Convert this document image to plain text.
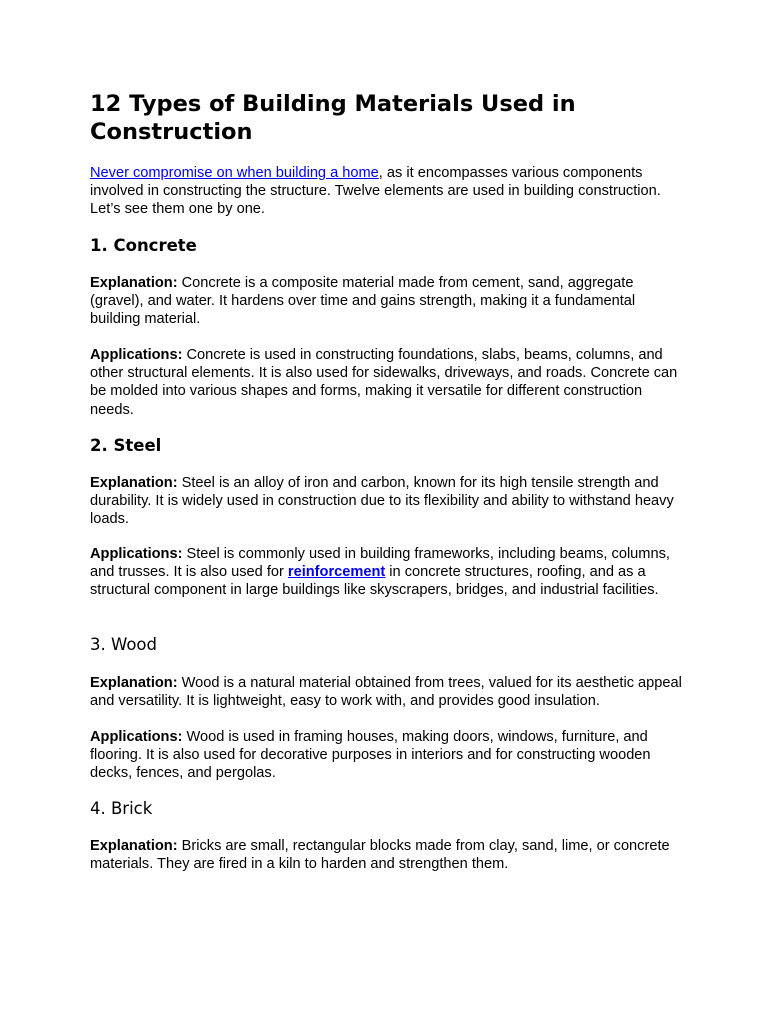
12 Types of Building Materials Used in Construction

Never compromise on when building a home, as it encompasses various components involved in constructing the structure. Twelve elements are used in building construction. Let’s see them one by one.

1. Concrete

Explanation: Concrete is a composite material made from cement, sand, aggregate (gravel), and water. It hardens over time and gains strength, making it a fundamental building material.

Applications: Concrete is used in constructing foundations, slabs, beams, columns, and other structural elements. It is also used for sidewalks, driveways, and roads. Concrete can be molded into various shapes and forms, making it versatile for different construction needs.

2. Steel

Explanation: Steel is an alloy of iron and carbon, known for its high tensile strength and durability. It is widely used in construction due to its flexibility and ability to withstand heavy loads.

Applications: Steel is commonly used in building frameworks, including beams, columns, and trusses. It is also used for reinforcement in concrete structures, roofing, and as a structural component in large buildings like skyscrapers, bridges, and industrial facilities.

3. Wood

Explanation: Wood is a natural material obtained from trees, valued for its aesthetic appeal and versatility. It is lightweight, easy to work with, and provides good insulation.

Applications: Wood is used in framing houses, making doors, windows, furniture, and flooring. It is also used for decorative purposes in interiors and for constructing wooden decks, fences, and pergolas.

4. Brick

Explanation: Bricks are small, rectangular blocks made from clay, sand, lime, or concrete materials. They are fired in a kiln to harden and strengthen them.
